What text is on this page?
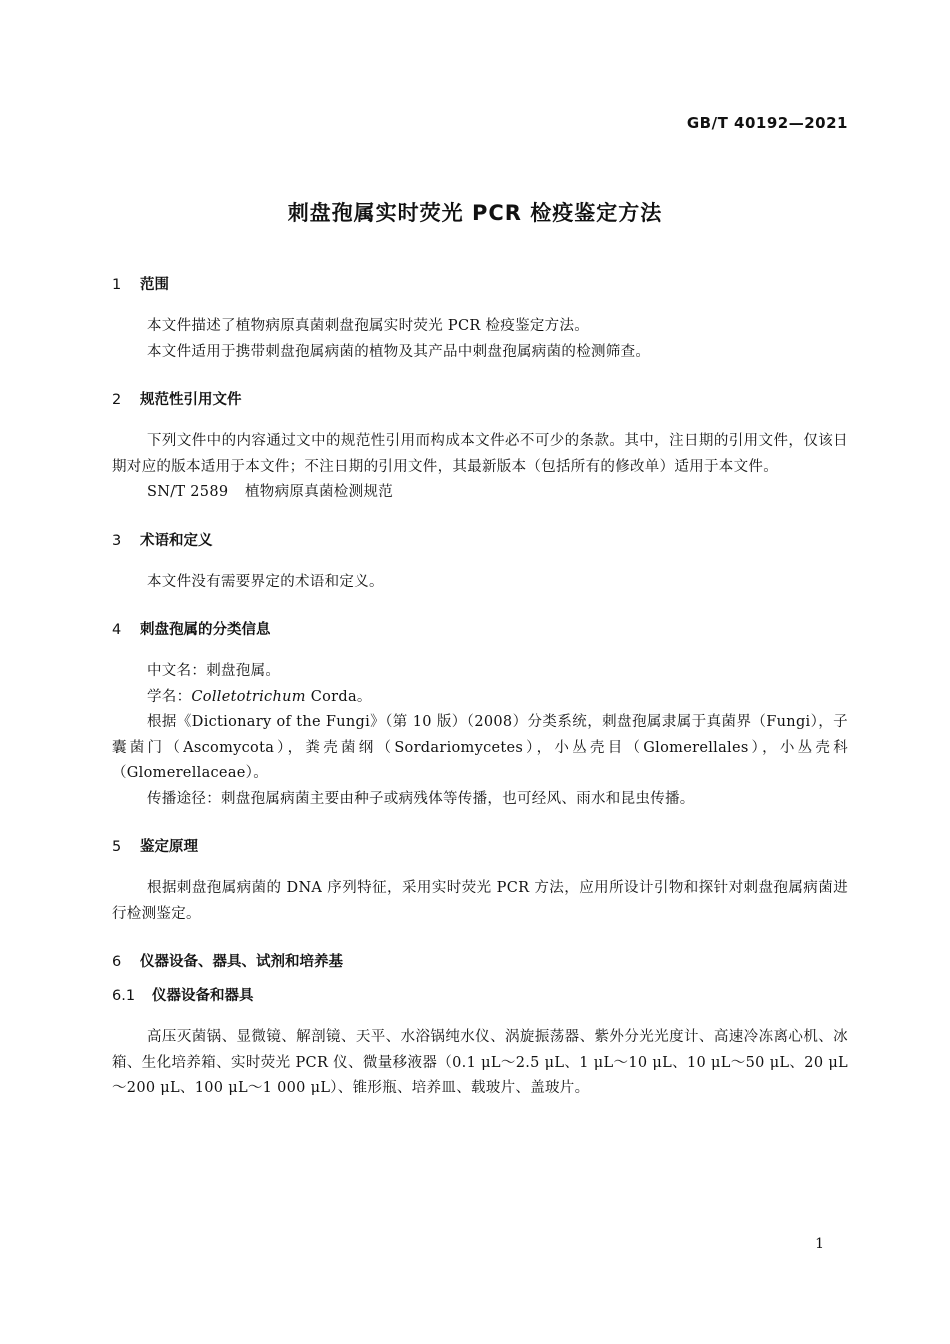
GB/T 40192—2021
刺盘孢属实时荧光 PCR 检疫鉴定方法
1 范围
本文件描述了植物病原真菌刺盘孢属实时荧光 PCR 检疫鉴定方法。
本文件适用于携带刺盘孢属病菌的植物及其产品中刺盘孢属病菌的检测筛查。
2 规范性引用文件
下列文件中的内容通过文中的规范性引用而构成本文件必不可少的条款。其中，注日期的引用文件，仅该日期对应的版本适用于本文件；不注日期的引用文件，其最新版本（包括所有的修改单）适用于本文件。
SN/T 2589 植物病原真菌检测规范
3 术语和定义
本文件没有需要界定的术语和定义。
4 刺盘孢属的分类信息
中文名：刺盘孢属。
学名：Colletotrichum Corda。
根据《Dictionary of the Fungi》（第 10 版）（2008）分类系统，刺盘孢属隶属于真菌界（Fungi），子囊菌门（Ascomycota），粪壳菌纲（Sordariomycetes），小丛壳目（Glomerellales），小丛壳科（Glomerellaceae）。
传播途径：刺盘孢属病菌主要由种子或病残体等传播，也可经风、雨水和昆虫传播。
5 鉴定原理
根据刺盘孢属病菌的 DNA 序列特征，采用实时荧光 PCR 方法，应用所设计引物和探针对刺盘孢属病菌进行检测鉴定。
6 仪器设备、器具、试剂和培养基
6.1 仪器设备和器具
高压灭菌锅、显微镜、解剖镜、天平、水浴锅纯水仪、涡旋振荡器、紫外分光光度计、高速冷冻离心机、冰箱、生化培养箱、实时荧光 PCR 仪、微量移液器（0.1 μL～2.5 μL、1 μL～10 μL、10 μL～50 μL、20 μL～200 μL、100 μL～1 000 μL）、锥形瓶、培养皿、载玻片、盖玻片。
1
